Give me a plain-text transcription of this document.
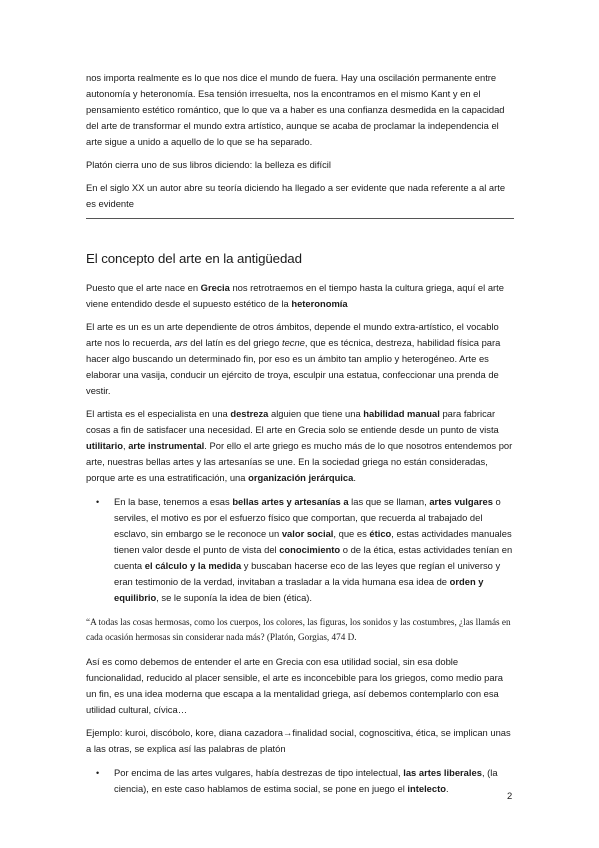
nos importa realmente es lo que nos dice el mundo de fuera. Hay una oscilación permanente entre autonomía y heteronomía. Esa tensión irresuelta, nos la encontramos en el mismo Kant y en el pensamiento estético romántico, que lo que va a haber es una confianza desmedida en la capacidad del arte de transformar el mundo extra artístico, aunque se acaba de proclamar la independencia el arte sigue a unido a aquello de lo que se ha separado.

Platón cierra uno de sus libros diciendo: la belleza es difícil

En el siglo XX un autor abre su teoría diciendo ha llegado a ser evidente que nada referente a al arte es evidente

El concepto del arte en la antigüedad

Puesto que el arte nace en Grecia nos retrotraemos en el tiempo hasta la cultura griega, aquí el arte viene entendido desde el supuesto estético de la heteronomía

El arte es un es un arte dependiente de otros ámbitos, depende el mundo extra-artístico, el vocablo arte nos lo recuerda, ars del latín es del griego tecne, que es técnica, destreza, habilidad física para hacer algo buscando un determinado fin, por eso es un ámbito tan amplio y heterogéneo. Arte es elaborar una vasija, conducir un ejército de troya, esculpir una estatua, confeccionar una prenda de vestir.

El artista es el especialista en una destreza alguien que tiene una habilidad manual para fabricar cosas a fin de satisfacer una necesidad. El arte en Grecia solo se entiende desde un punto de vista utilitario, arte instrumental. Por ello el arte griego es mucho más de lo que nosotros entendemos por arte, nuestras bellas artes y las artesanías se une. En la sociedad griega no están consideradas, porque arte es una estratificación, una organización jerárquica.

• En la base, tenemos a esas bellas artes y artesanías a las que se llaman, artes vulgares o serviles, el motivo es por el esfuerzo físico que comportan, que recuerda al trabajado del esclavo, sin embargo se le reconoce un valor social, que es ético, estas actividades manuales tienen valor desde el punto de vista del conocimiento o de la ética, estas actividades tenían en cuenta el cálculo y la medida y buscaban hacerse eco de las leyes que regían el universo y eran testimonio de la verdad, invitaban a trasladar a la vida humana esa idea de orden y equilibrio, se le suponía la idea de bien (ética).

“A todas las cosas hermosas, como los cuerpos, los colores, las figuras, los sonidos y las costumbres, ¿las llamás en cada ocasión hermosas sin considerar nada más? (Platón, Gorgias, 474 D.

Así es como debemos de entender el arte en Grecia con esa utilidad social, sin esa doble funcionalidad, reducido al placer sensible, el arte es inconcebible para los griegos, como medio para un fin, es una idea moderna que escapa a la mentalidad griega, así debemos contemplarlo con esa utilidad cultural, cívica…

Ejemplo: kuroi, discóbolo, kore, diana cazadora→finalidad social, cognoscitiva, ética, se implican unas a las otras, se explica así las palabras de platón

• Por encima de las artes vulgares, había destrezas de tipo intelectual, las artes liberales, (la ciencia), en este caso hablamos de estima social, se pone en juego el intelecto.
2
